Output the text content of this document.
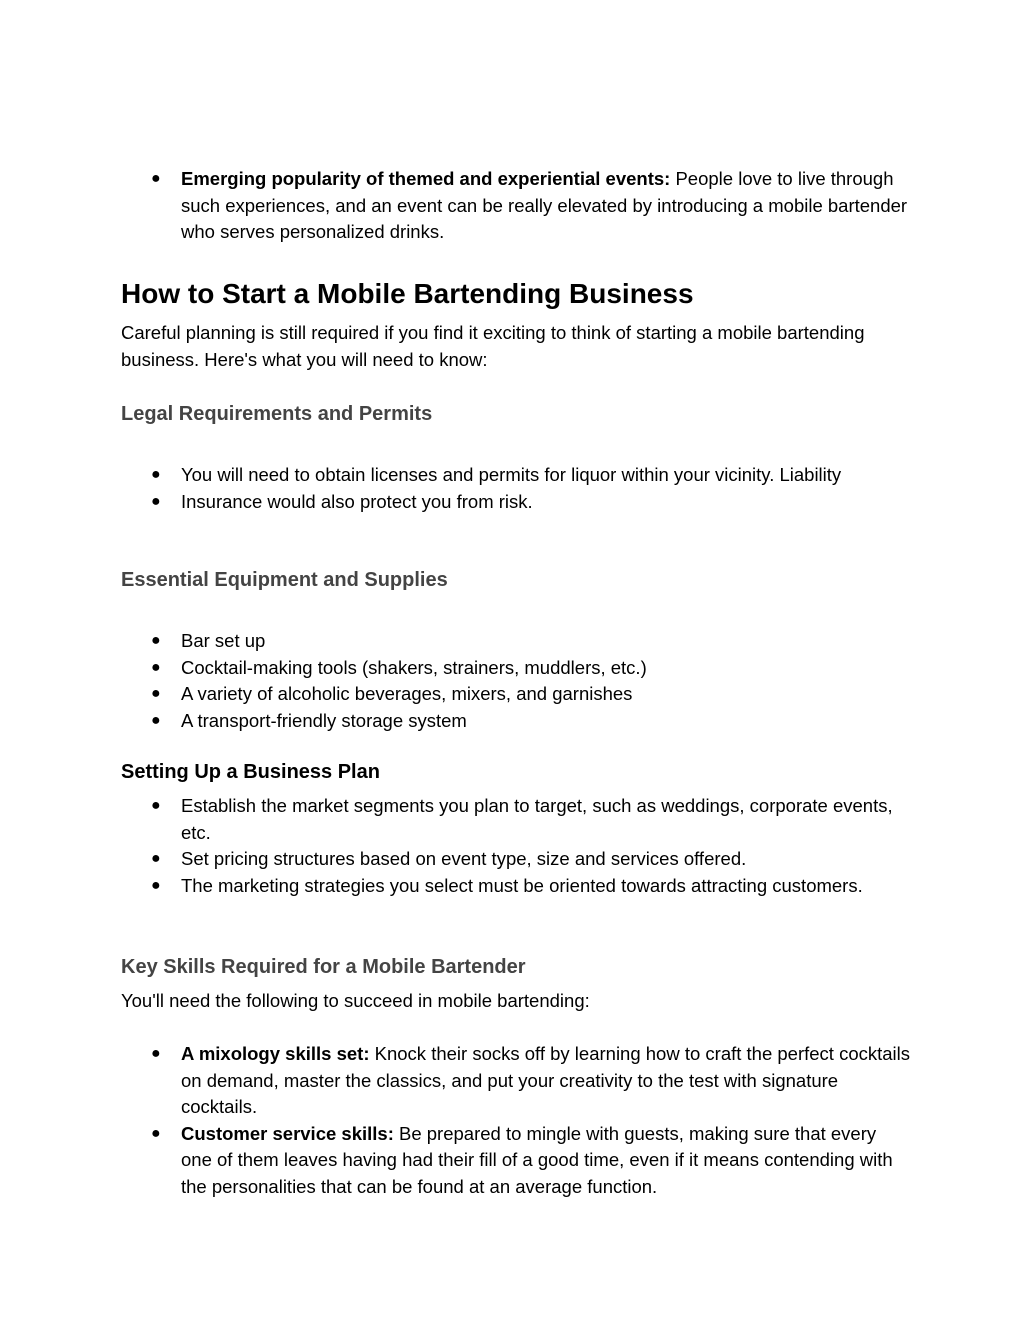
● Emerging popularity of themed and experiential events: People love to live through such experiences, and an event can be really elevated by introducing a mobile bartender who serves personalized drinks.
How to Start a Mobile Bartending Business

Careful planning is still required if you find it exciting to think of starting a mobile bartending business. Here's what you will need to know:

Legal Requirements and Permits
● You will need to obtain licenses and permits for liquor within your vicinity. Liability
● Insurance would also protect you from risk.
Essential Equipment and Supplies
● Bar set up
● Cocktail-making tools (shakers, strainers, muddlers, etc.)
● A variety of alcoholic beverages, mixers, and garnishes
● A transport-friendly storage system
Setting Up a Business Plan
● Establish the market segments you plan to target, such as weddings, corporate events, etc.
● Set pricing structures based on event type, size and services offered.
● The marketing strategies you select must be oriented towards attracting customers.
Key Skills Required for a Mobile Bartender

You'll need the following to succeed in mobile bartending:

● A mixology skills set: Knock their socks off by learning how to craft the perfect cocktails on demand, master the classics, and put your creativity to the test with signature cocktails.
● Customer service skills: Be prepared to mingle with guests, making sure that every one of them leaves having had their fill of a good time, even if it means contending with the personalities that can be found at an average function.
